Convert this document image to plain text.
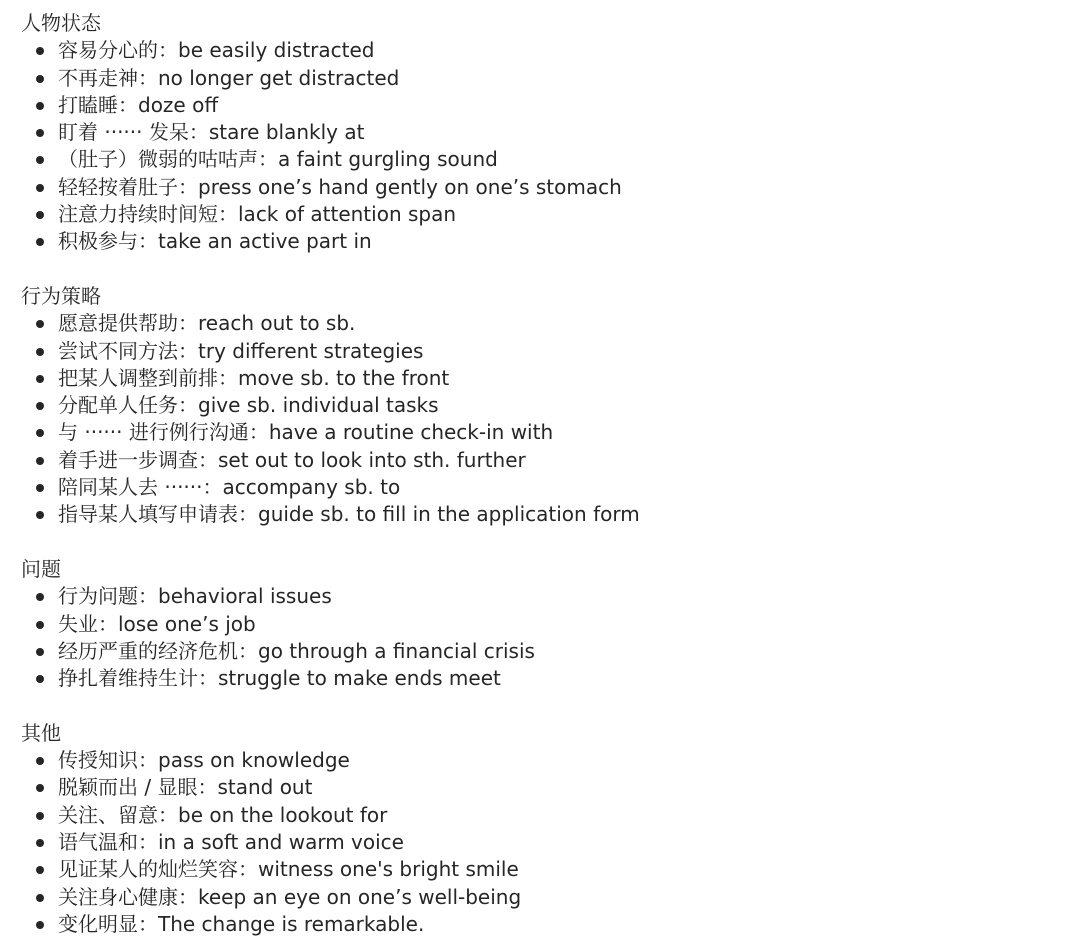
人物状态
容易分心的：be easily distracted
不再走神：no longer get distracted
打瞌睡：doze off
盯着 ······ 发呆：stare blankly at
（肚子）微弱的咕咕声：a faint gurgling sound
轻轻按着肚子：press one’s hand gently on one’s stomach
注意力持续时间短：lack of attention span
积极参与：take an active part in
行为策略
愿意提供帮助：reach out to sb.
尝试不同方法：try different strategies
把某人调整到前排：move sb. to the front
分配单人任务：give sb. individual tasks
与 ······ 进行例行沟通：have a routine check-in with
着手进一步调查：set out to look into sth. further
陪同某人去 ······：accompany sb. to
指导某人填写申请表：guide sb. to fill in the application form
问题
行为问题：behavioral issues
失业：lose one’s job
经历严重的经济危机：go through a financial crisis
挣扎着维持生计：struggle to make ends meet
其他
传授知识：pass on knowledge
脱颖而出 / 显眼：stand out
关注、留意：be on the lookout for
语气温和：in a soft and warm voice
见证某人的灿烂笑容：witness one's bright smile
关注身心健康：keep an eye on one’s well-being
变化明显：The change is remarkable.
